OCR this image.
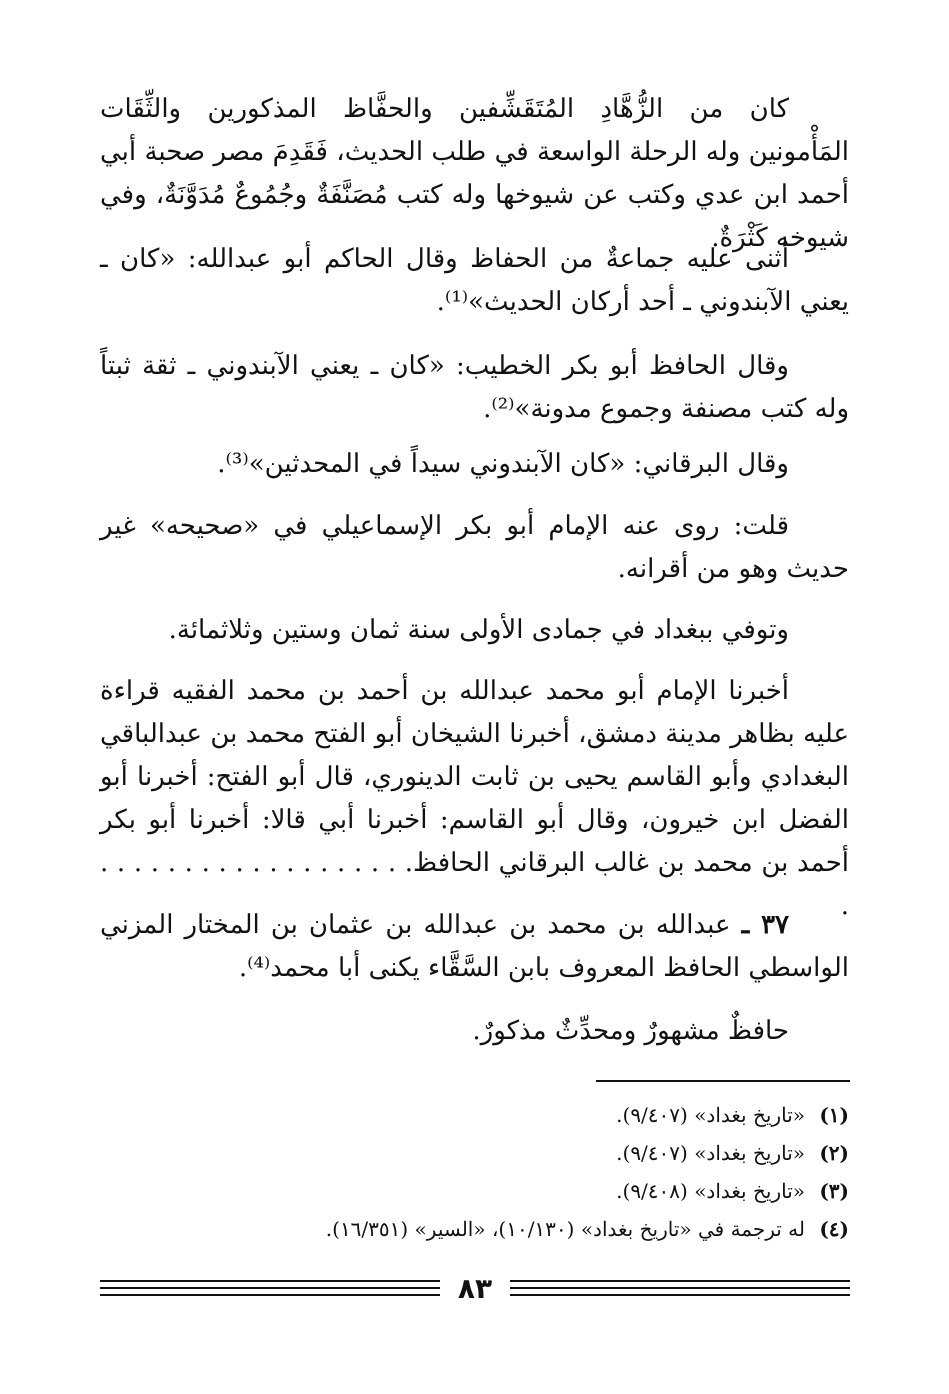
كان من الزُّهَّادِ المُتَقَشِّفين والحفَّاظ المذكورين والثِّقَات المَأْمونين وله الرحلة الواسعة في طلب الحديث، فَقَدِمَ مصر صحبة أبي أحمد ابن عدي وكتب عن شيوخها وله كتب مُصَنَّفَةٌ وجُمُوعٌ مُدَوَّنَةٌ، وفي شيوخه كَثْرَةٌ.

أثنى عليه جماعةٌ من الحفاظ وقال الحاكم أبو عبدالله: «كان ـ يعني الآبندوني ـ أحد أركان الحديث»⁽¹⁾.

وقال الحافظ أبو بكر الخطيب: «كان ـ يعني الآبندوني ـ ثقة ثبتاً وله كتب مصنفة وجموع مدونة»⁽²⁾.

وقال البرقاني: «كان الآبندوني سيداً في المحدثين»⁽³⁾.

قلت: روى عنه الإمام أبو بكر الإسماعيلي في «صحيحه» غير حديث وهو من أقرانه.

وتوفي ببغداد في جمادى الأولى سنة ثمان وستين وثلاثمائة.

أخبرنا الإمام أبو محمد عبدالله بن أحمد بن محمد الفقيه قراءة عليه بظاهر مدينة دمشق، أخبرنا الشيخان أبو الفتح محمد بن عبدالباقي البغدادي وأبو القاسم يحيى بن ثابت الدينوري، قال أبو الفتح: أخبرنا أبو الفضل ابن خيرون، وقال أبو القاسم: أخبرنا أبي قالا: أخبرنا أبو بكر أحمد بن محمد بن غالب البرقاني الحافظ. . . . . . . . . . . . . . . . . . . .

٣٧ ـ عبدالله بن محمد بن عبدالله بن عثمان بن المختار المزني الواسطي الحافظ المعروف بابن السَّقَّاء يكنى أبا محمد⁽⁴⁾.

حافظٌ مشهورٌ ومحدِّثٌ مذكورٌ.

(١)«تاريخ بغداد» (٩/٤٠٧).

(٢)«تاريخ بغداد» (٩/٤٠٧).

(٣)«تاريخ بغداد» (٩/٤٠٨).

(٤)له ترجمة في «تاريخ بغداد» (١٠/١٣٠)، «السير» (١٦/٣٥١).

٨٣
